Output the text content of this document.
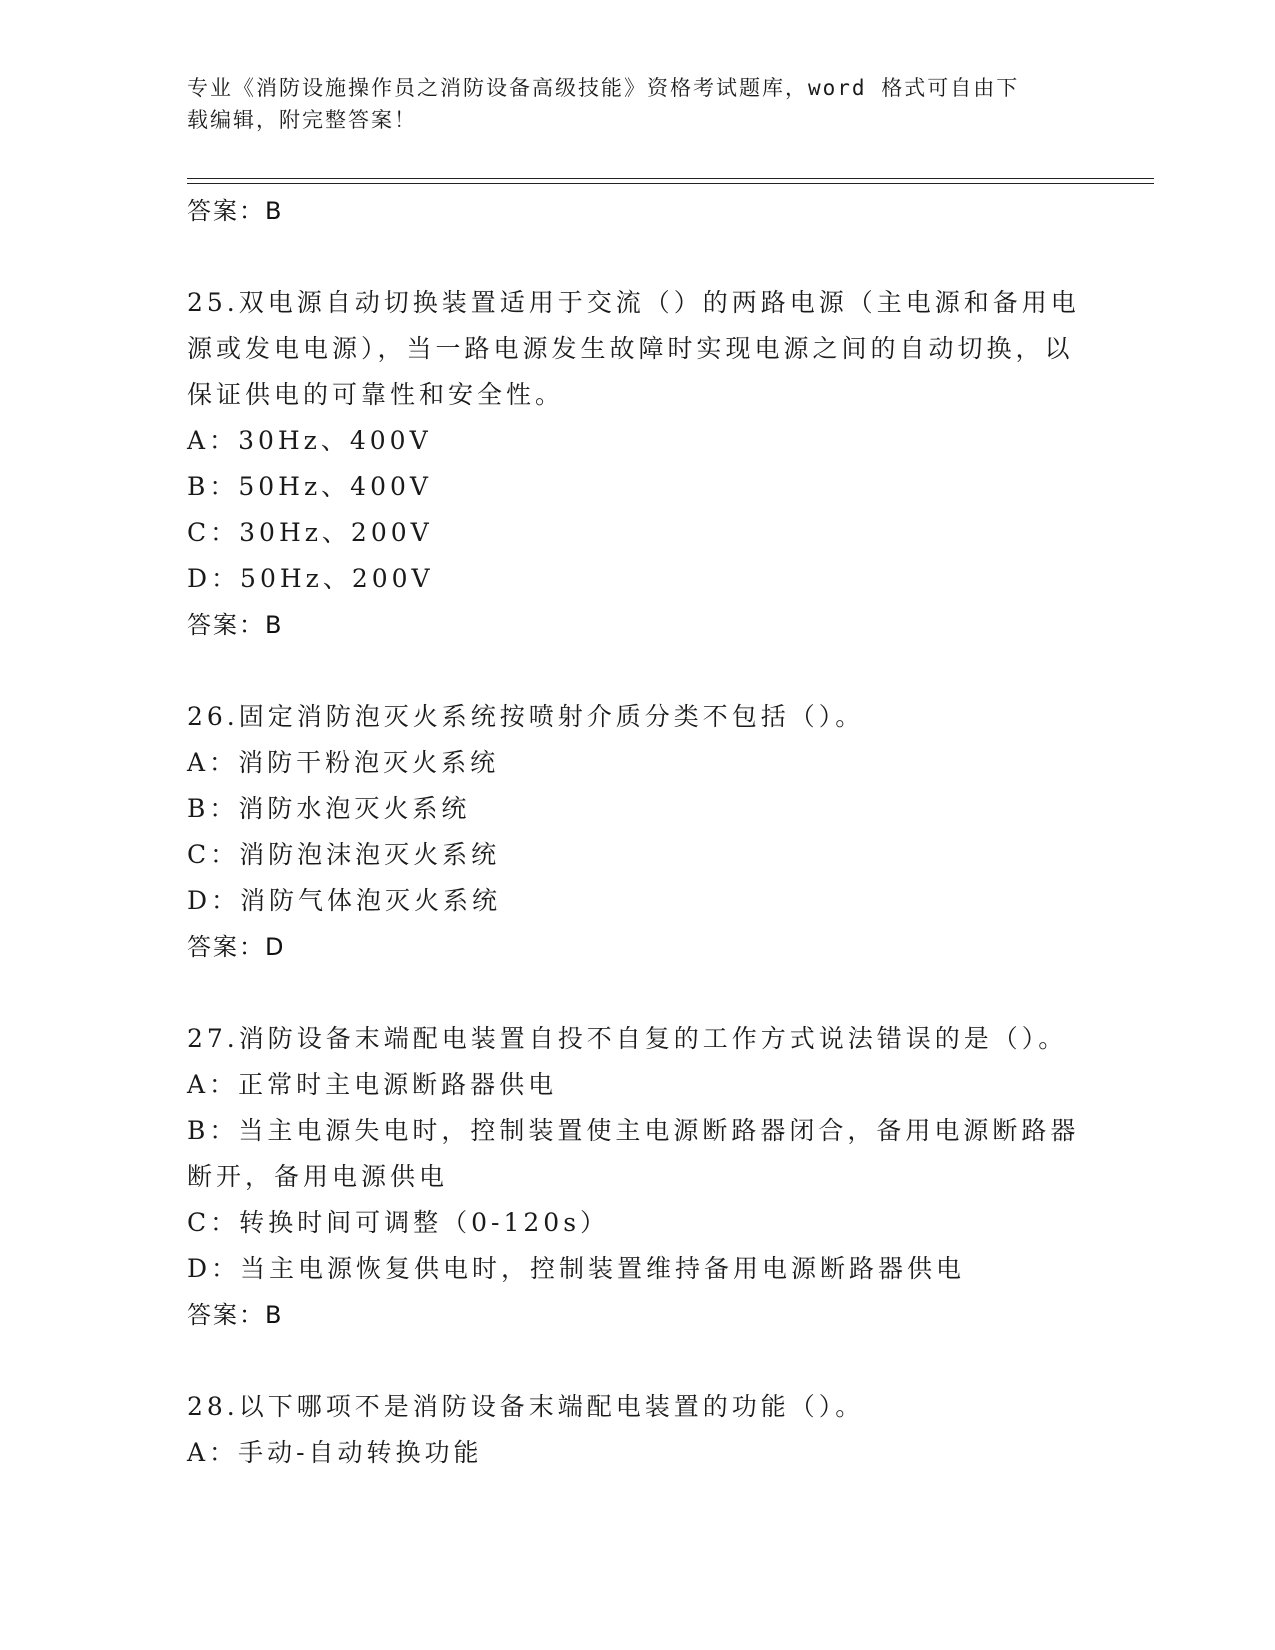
专业《消防设施操作员之消防设备高级技能》资格考试题库，word 格式可自由下
载编辑，附完整答案！
答案：B
25.双电源自动切换装置适用于交流（）的两路电源（主电源和备用电源或发电电源），当一路电源发生故障时实现电源之间的自动切换，以保证供电的可靠性和安全性。
A：30Hz、400V
B：50Hz、400V
C：30Hz、200V
D：50Hz、200V
答案：B
26.固定消防泡灭火系统按喷射介质分类不包括（）。
A：消防干粉泡灭火系统
B：消防水泡灭火系统
C：消防泡沫泡灭火系统
D：消防气体泡灭火系统
答案：D
27.消防设备末端配电装置自投不自复的工作方式说法错误的是（）。
A：正常时主电源断路器供电
B：当主电源失电时，控制装置使主电源断路器闭合，备用电源断路器断开，备用电源供电
C：转换时间可调整（0-120s）
D：当主电源恢复供电时，控制装置维持备用电源断路器供电
答案：B
28.以下哪项不是消防设备末端配电装置的功能（）。
A：手动-自动转换功能
